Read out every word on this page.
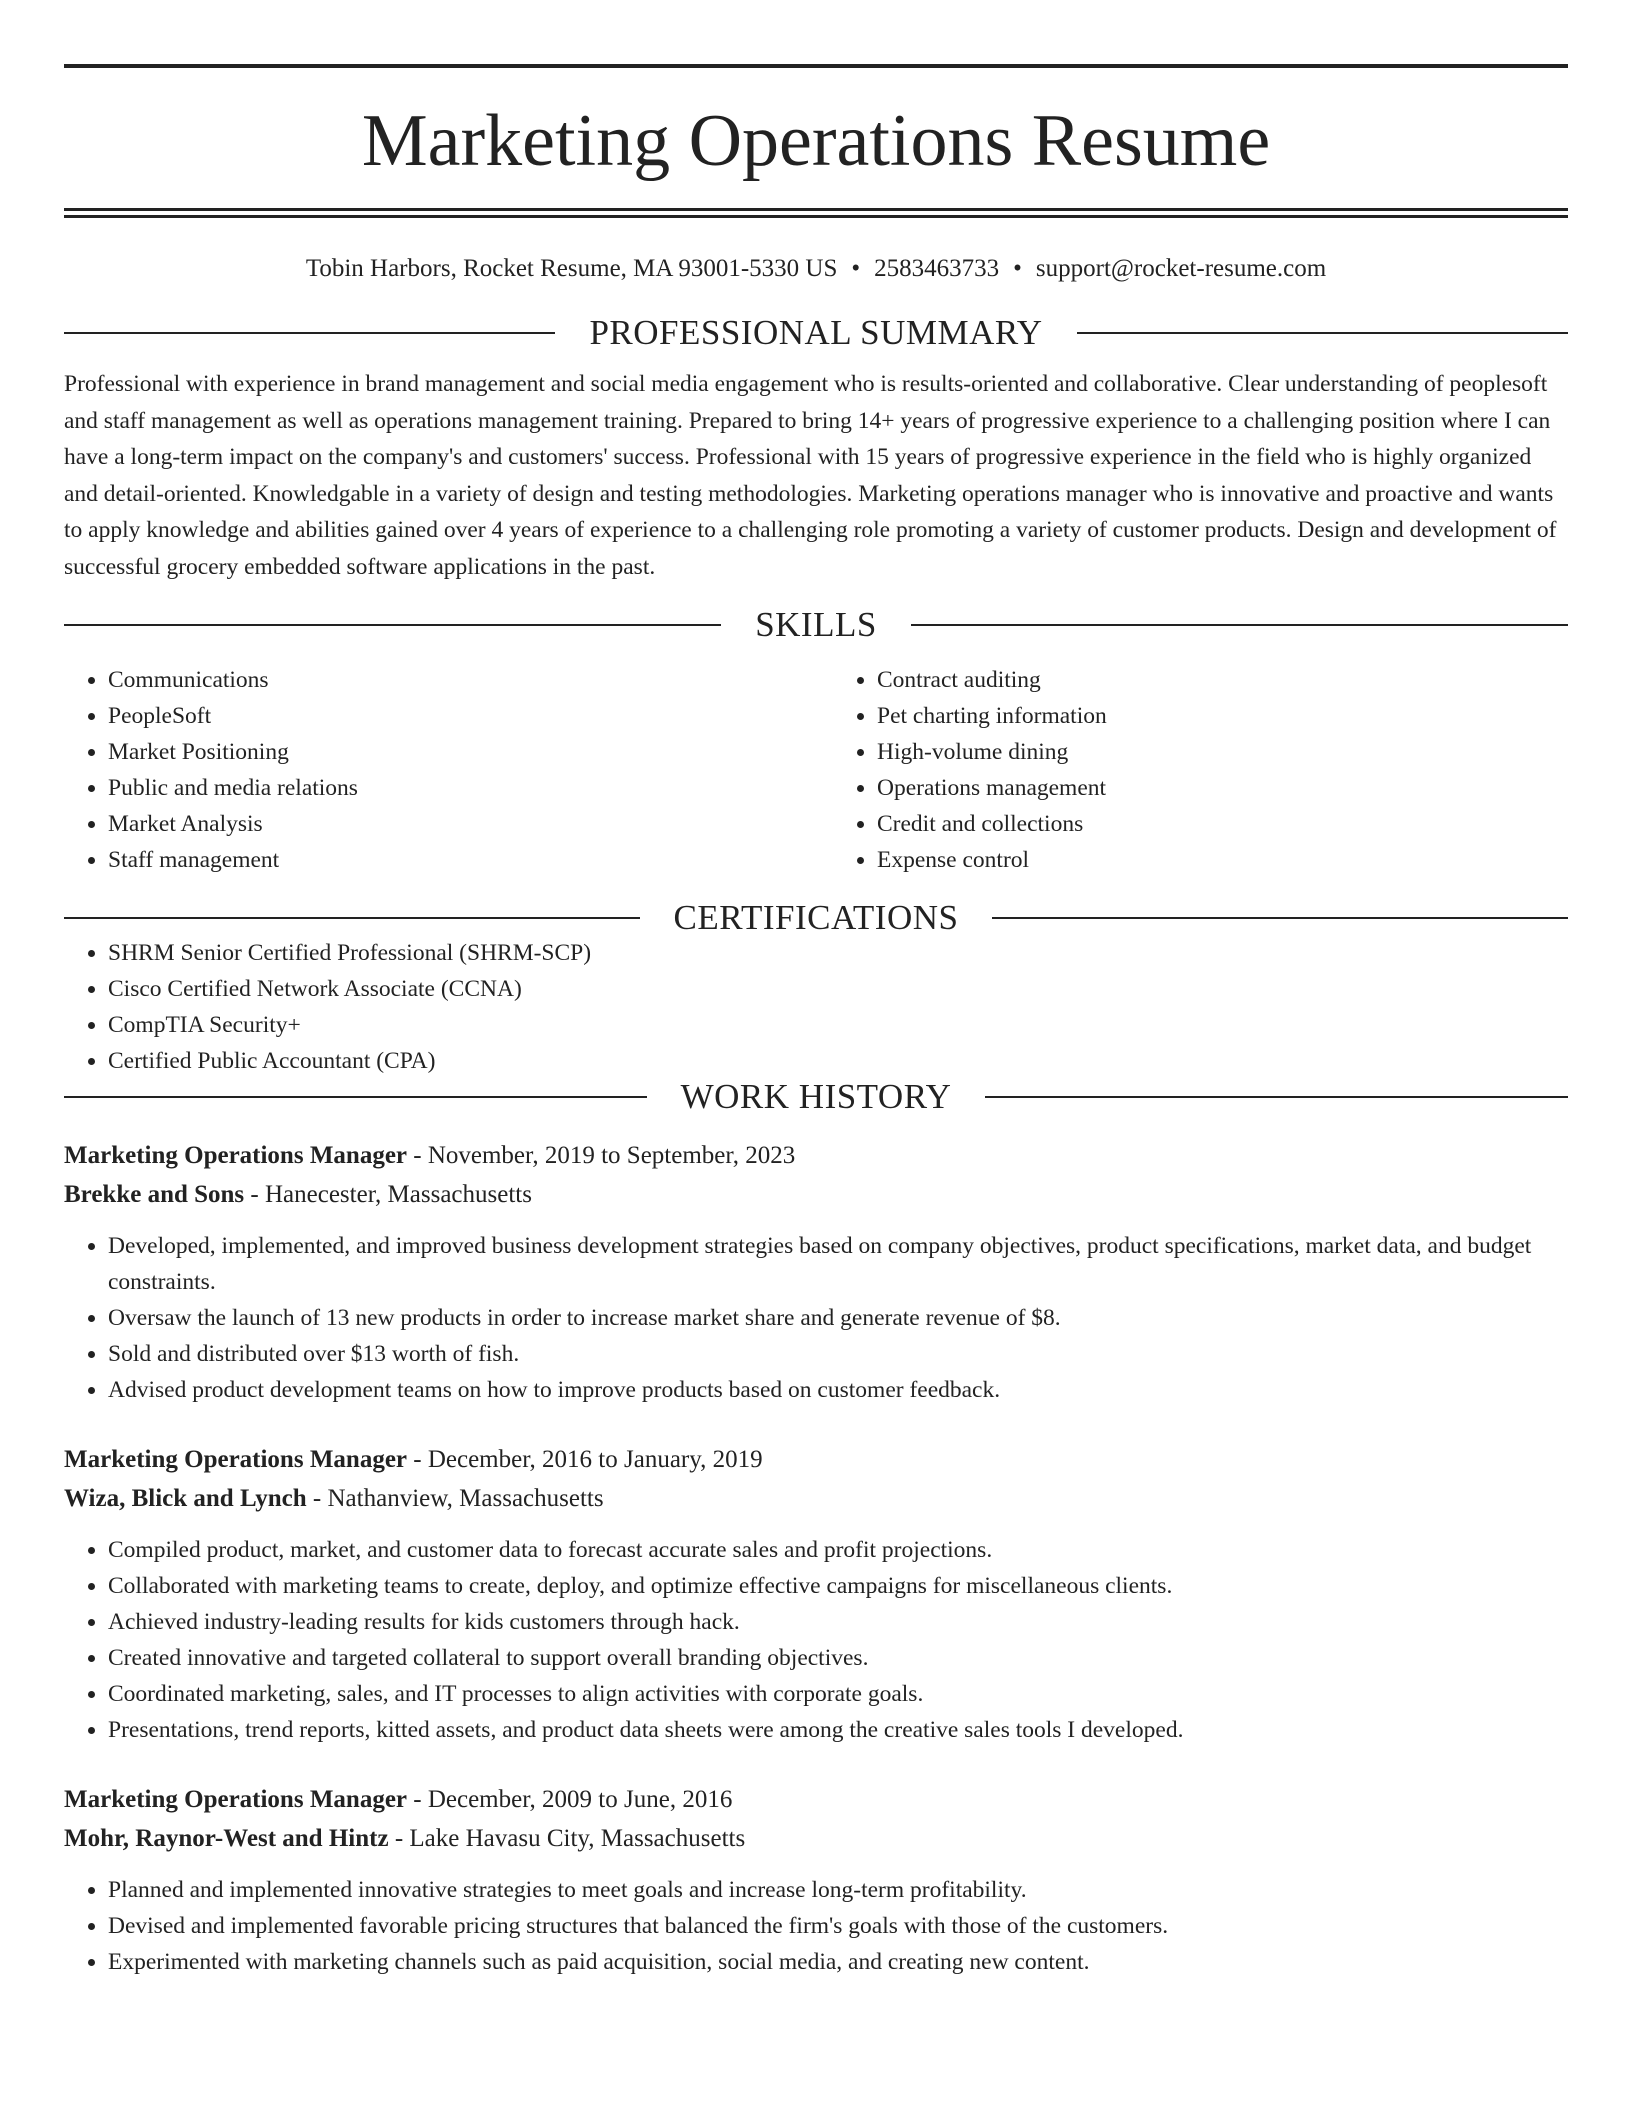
Marketing Operations Resume
Tobin Harbors, Rocket Resume, MA 93001-5330 US • 2583463733 • support@rocket-resume.com
PROFESSIONAL SUMMARY

Professional with experience in brand management and social media engagement who is results-oriented and collaborative. Clear understanding of peoplesoft and staff management as well as operations management training. Prepared to bring 14+ years of progressive experience to a challenging position where I can have a long-term impact on the company's and customers' success. Professional with 15 years of progressive experience in the field who is highly organized and detail-oriented. Knowledgable in a variety of design and testing methodologies. Marketing operations manager who is innovative and proactive and wants to apply knowledge and abilities gained over 4 years of experience to a challenging role promoting a variety of customer products. Design and development of successful grocery embedded software applications in the past.

SKILLS
• Communications
• PeopleSoft
• Market Positioning
• Public and media relations
• Market Analysis
• Staff management
• Contract auditing
• Pet charting information
• High-volume dining
• Operations management
• Credit and collections
• Expense control
CERTIFICATIONS
• SHRM Senior Certified Professional (SHRM-SCP)
• Cisco Certified Network Associate (CCNA)
• CompTIA Security+
• Certified Public Accountant (CPA)
WORK HISTORY
Marketing Operations Manager - November, 2019 to September, 2023
Brekke and Sons - Hanecester, Massachusetts
• Developed, implemented, and improved business development strategies based on company objectives, product specifications, market data, and budget constraints.
• Oversaw the launch of 13 new products in order to increase market share and generate revenue of $8.
• Sold and distributed over $13 worth of fish.
• Advised product development teams on how to improve products based on customer feedback.
Marketing Operations Manager - December, 2016 to January, 2019
Wiza, Blick and Lynch - Nathanview, Massachusetts
• Compiled product, market, and customer data to forecast accurate sales and profit projections.
• Collaborated with marketing teams to create, deploy, and optimize effective campaigns for miscellaneous clients.
• Achieved industry-leading results for kids customers through hack.
• Created innovative and targeted collateral to support overall branding objectives.
• Coordinated marketing, sales, and IT processes to align activities with corporate goals.
• Presentations, trend reports, kitted assets, and product data sheets were among the creative sales tools I developed.
Marketing Operations Manager - December, 2009 to June, 2016
Mohr, Raynor-West and Hintz - Lake Havasu City, Massachusetts
• Planned and implemented innovative strategies to meet goals and increase long-term profitability.
• Devised and implemented favorable pricing structures that balanced the firm's goals with those of the customers.
• Experimented with marketing channels such as paid acquisition, social media, and creating new content.
